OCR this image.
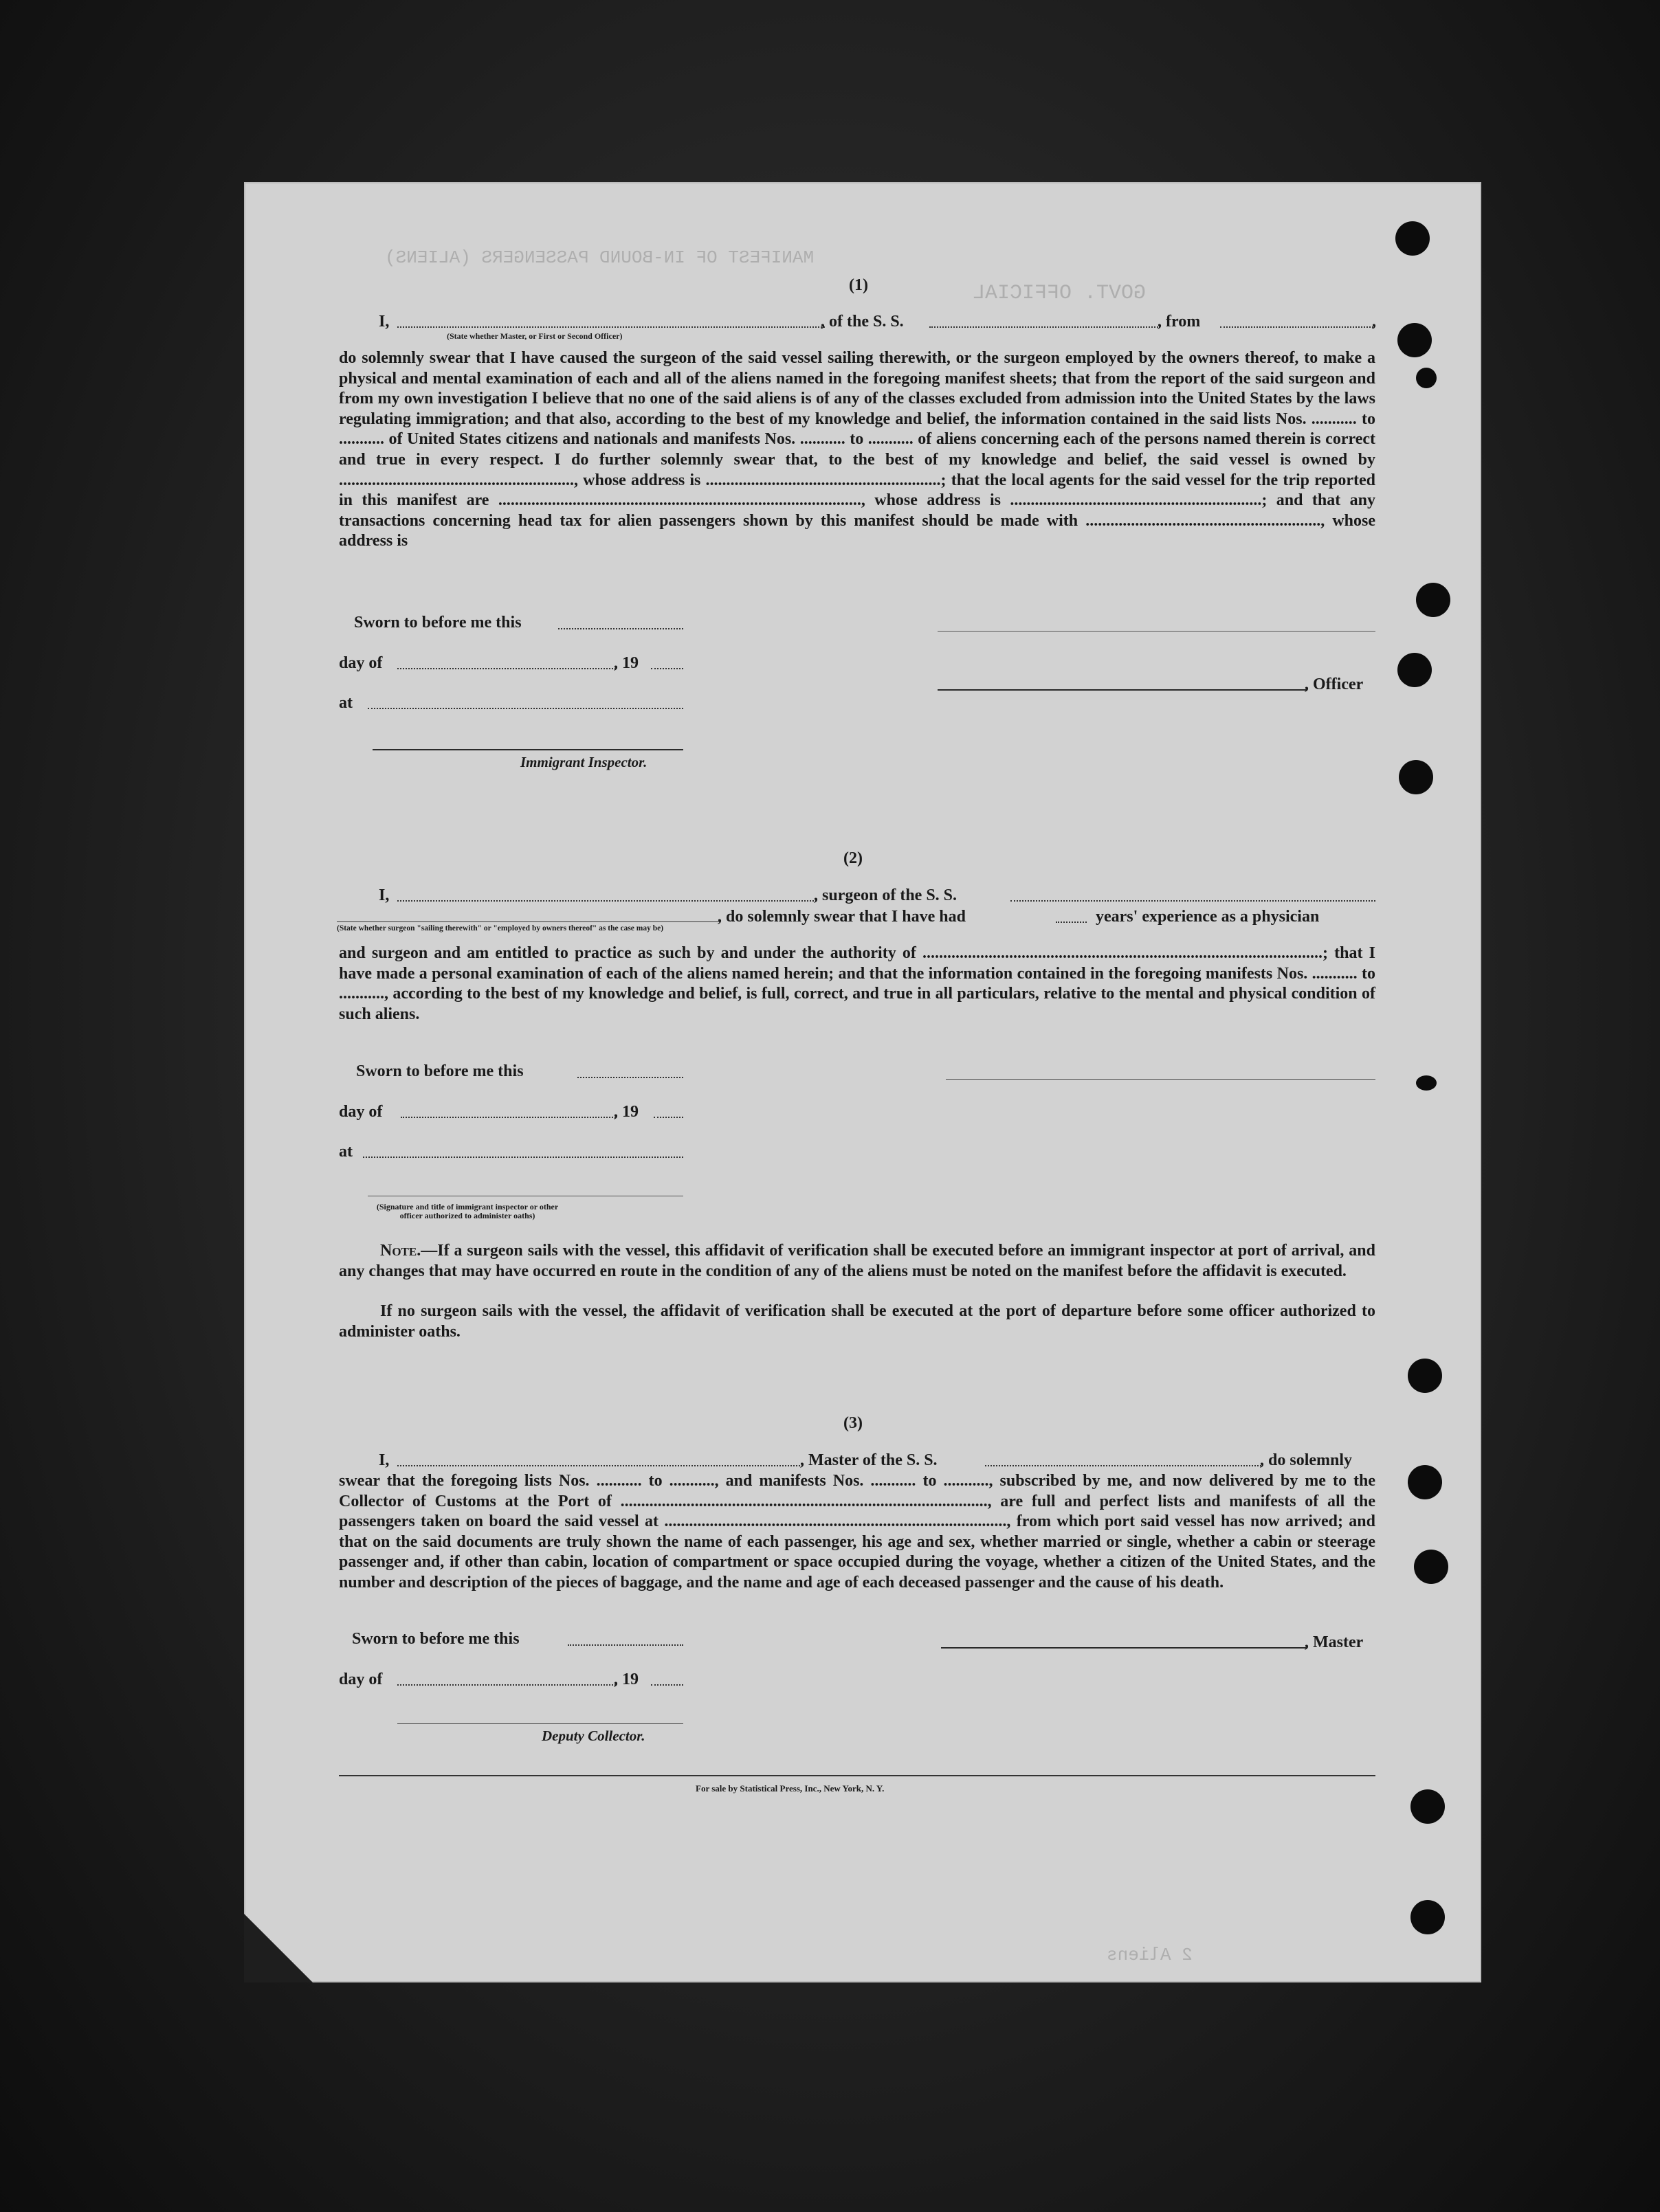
MANIFEST OF IN-BOUND PASSENGERS (ALIENS)
GOVT. OFFICIAL
2 Aliens
(1)
I,
(State whether Master, or First or Second Officer)
, of the S. S.	, from	,
do solemnly swear that I have caused the surgeon of the said vessel sailing therewith, or the surgeon employed by the owners thereof, to make a physical and mental examination of each and all of the aliens named in the foregoing manifest sheets; that from the report of the said surgeon and from my own investigation I believe that no one of the said aliens is of any of the classes excluded from admission into the United States by the laws regulating immigration; and that also, according to the best of my knowledge and belief, the information contained in the said lists Nos. ........... to ........... of United States citizens and nationals and manifests Nos. ........... to ........... of aliens concerning each of the persons named therein is correct and true in every respect. I do further solemnly swear that, to the best of my knowledge and belief, the said vessel is owned by ........................................................., whose address is .........................................................; that the local agents for the said vessel for the trip reported in this manifest are ........................................................................................, whose address is .............................................................; and that any transactions concerning head tax for alien passengers shown by this manifest should be made with ........................................................., whose address is
Sworn to before me this
day of	, 19
at
Immigrant Inspector.
, Officer
(2)
I,	, surgeon of the S. S.
(State whether surgeon "sailing therewith" or "employed by owners thereof" as the case may be)
, do solemnly swear that I have had	years' experience as a physician
and surgeon and am entitled to practice as such by and under the authority of .................................................................................................; that I have made a personal examination of each of the aliens named herein; and that the information contained in the foregoing manifests Nos. ........... to ..........., according to the best of my knowledge and belief, is full, correct, and true in all particulars, relative to the mental and physical condition of such aliens.
Sworn to before me this
day of	, 19
at
(Signature and title of immigrant inspector or other officer authorized to administer oaths)
Note.—If a surgeon sails with the vessel, this affidavit of verification shall be executed before an immigrant inspector at port of arrival, and any changes that may have occurred en route in the condition of any of the aliens must be noted on the manifest before the affidavit is executed.
If no surgeon sails with the vessel, the affidavit of verification shall be executed at the port of departure before some officer authorized to administer oaths.
(3)
I,	, Master of the S. S.	, do solemnly
swear that the foregoing lists Nos. ........... to ..........., and manifests Nos. ........... to ..........., subscribed by me, and now delivered by me to the Collector of Customs at the Port of ........................................................................................., are full and perfect lists and manifests of all the passengers taken on board the said vessel at ..................................................................................., from which port said vessel has now arrived; and that on the said documents are truly shown the name of each passenger, his age and sex, whether married or single, whether a cabin or steerage passenger and, if other than cabin, location of compartment or space occupied during the voyage, whether a citizen of the United States, and the number and description of the pieces of baggage, and the name and age of each deceased passenger and the cause of his death.
Sworn to before me this
day of	, 19
Deputy Collector.
, Master
For sale by Statistical Press, Inc., New York, N. Y.
